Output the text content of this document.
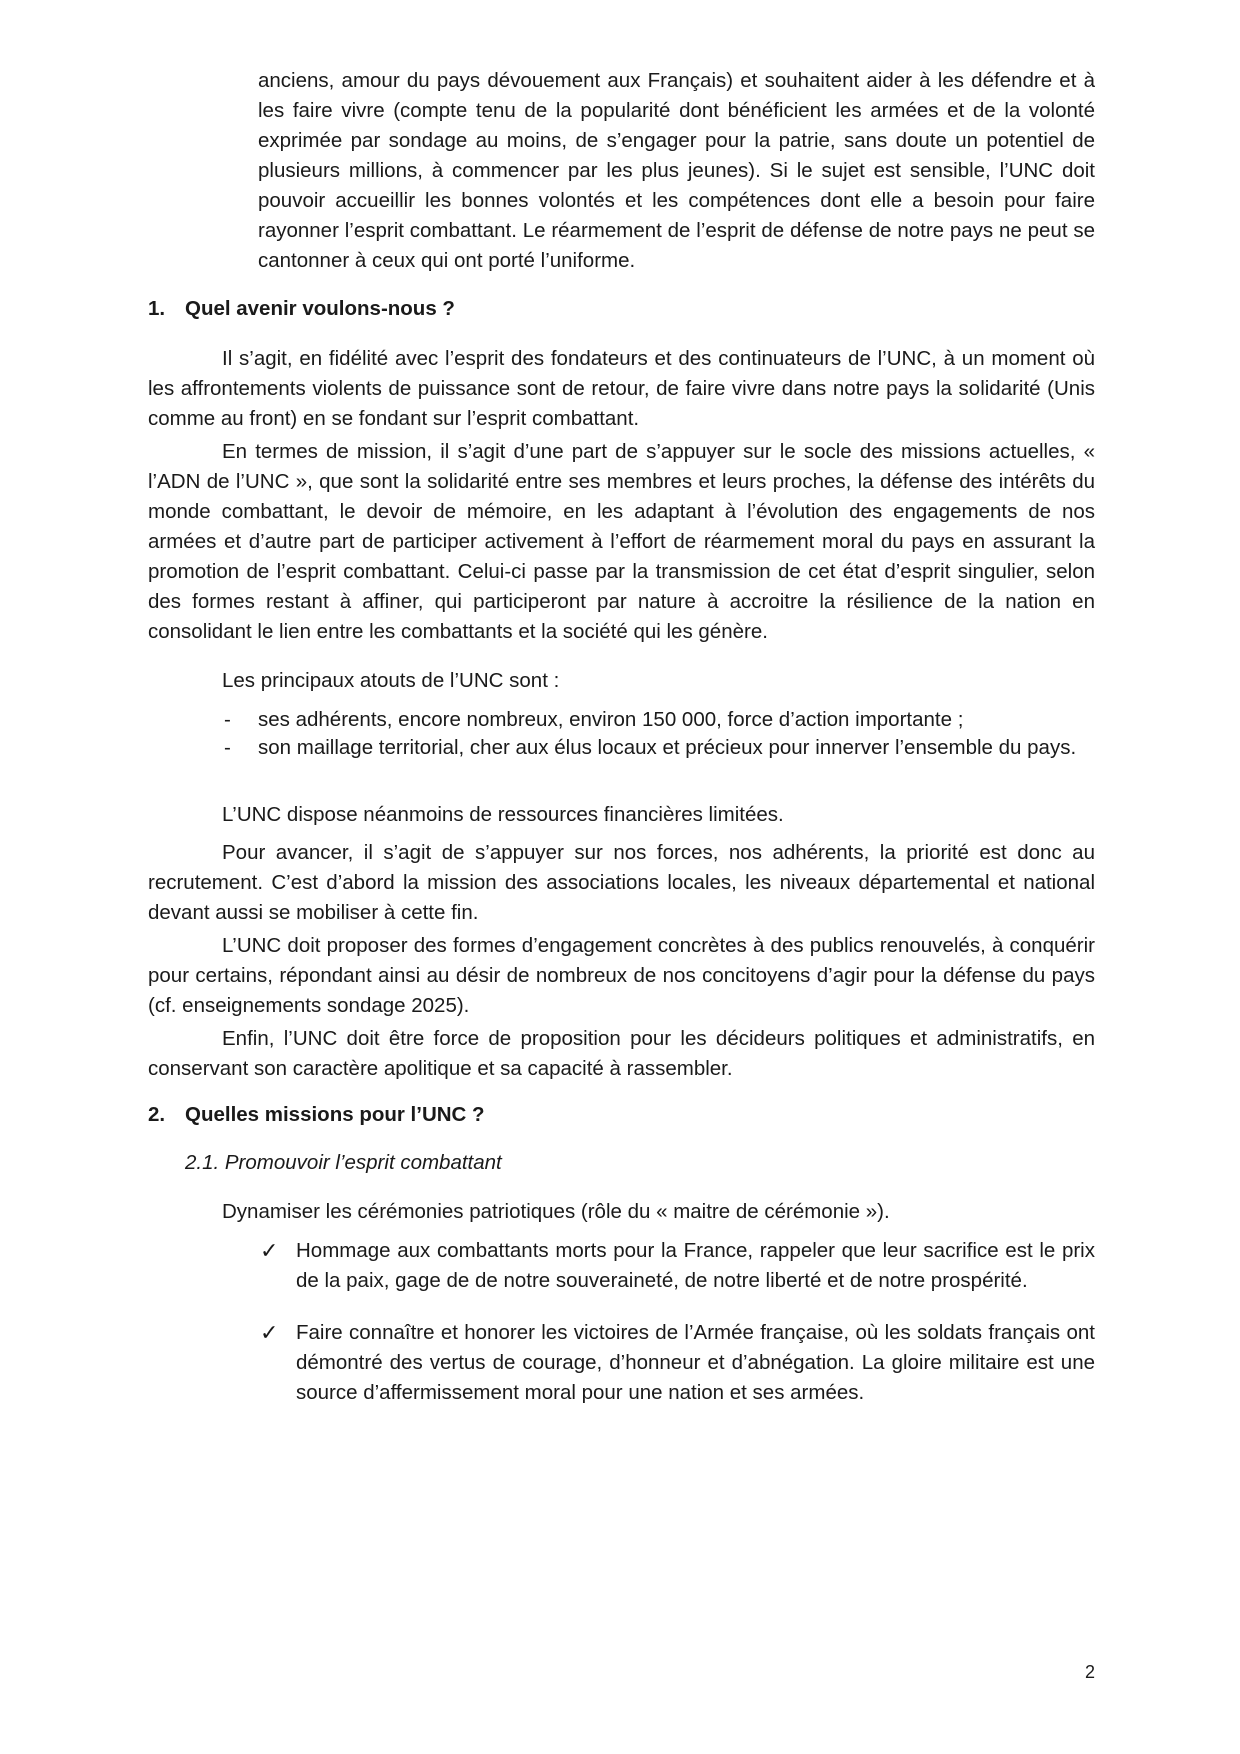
anciens, amour du pays dévouement aux Français) et souhaitent aider à les défendre et à les faire vivre (compte tenu de la popularité dont bénéficient les armées et de la volonté exprimée par sondage au moins, de s’engager pour la patrie, sans doute un potentiel de plusieurs millions, à commencer par les plus jeunes). Si le sujet est sensible, l’UNC doit pouvoir accueillir les bonnes volontés et les compétences dont elle a besoin pour faire rayonner l’esprit combattant. Le réarmement de l’esprit de défense de notre pays ne peut se cantonner à ceux qui ont porté l’uniforme.

1. Quel avenir voulons-nous ?

Il s’agit, en fidélité avec l’esprit des fondateurs et des continuateurs de l’UNC, à un moment où les affrontements violents de puissance sont de retour, de faire vivre dans notre pays la solidarité (Unis comme au front) en se fondant sur l’esprit combattant.

En termes de mission, il s’agit d’une part de s’appuyer sur le socle des missions actuelles, « l’ADN de l’UNC », que sont la solidarité entre ses membres et leurs proches, la défense des intérêts du monde combattant, le devoir de mémoire, en les adaptant à l’évolution des engagements de nos armées et d’autre part de participer activement à l’effort de réarmement moral du pays en assurant la promotion de l’esprit combattant. Celui-ci passe par la transmission de cet état d’esprit singulier, selon des formes restant à affiner, qui participeront par nature à accroitre la résilience de la nation en consolidant le lien entre les combattants et la société qui les génère.

Les principaux atouts de l’UNC sont :

- ses adhérents, encore nombreux, environ 150 000, force d’action importante ;

- son maillage territorial, cher aux élus locaux et précieux pour innerver l’ensemble du pays.

L’UNC dispose néanmoins de ressources financières limitées.

Pour avancer, il s’agit de s’appuyer sur nos forces, nos adhérents, la priorité est donc au recrutement. C’est d’abord la mission des associations locales, les niveaux départemental et national devant aussi se mobiliser à cette fin.

L’UNC doit proposer des formes d’engagement concrètes à des publics renouvelés, à conquérir pour certains, répondant ainsi au désir de nombreux de nos concitoyens d’agir pour la défense du pays (cf. enseignements sondage 2025).

Enfin, l’UNC doit être force de proposition pour les décideurs politiques et administratifs, en conservant son caractère apolitique et sa capacité à rassembler.

2. Quelles missions pour l’UNC ?

2.1. Promouvoir l’esprit combattant

Dynamiser les cérémonies patriotiques (rôle du « maitre de cérémonie »).

✓ Hommage aux combattants morts pour la France, rappeler que leur sacrifice est le prix de la paix, gage de de notre souveraineté, de notre liberté et de notre prospérité.

✓ Faire connaître et honorer les victoires de l’Armée française, où les soldats français ont démontré des vertus de courage, d’honneur et d’abnégation. La gloire militaire est une source d’affermissement moral pour une nation et ses armées.

2
